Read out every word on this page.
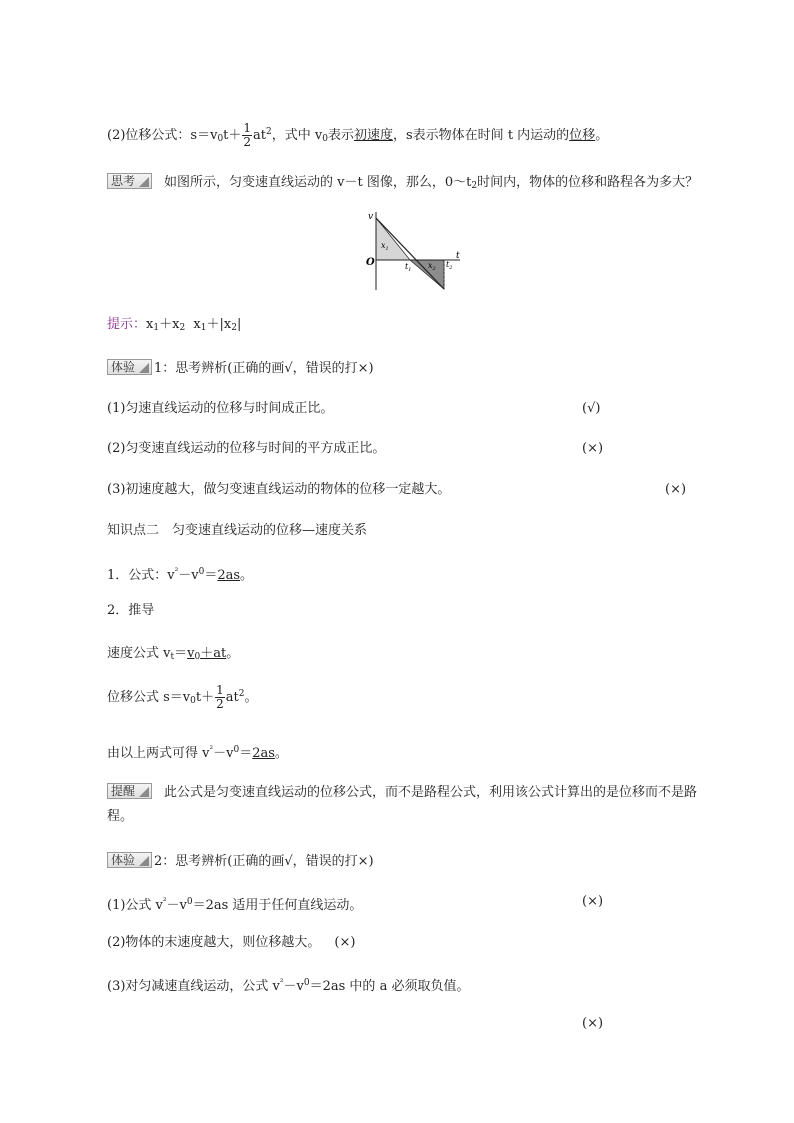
(2)位移公式：$s=v_0t+ \frac{1}{2} at^2$，式中 $v_0$表示初速度，s表示物体在时间 t 内运动的位移。
思考 如图所示，匀变速直线运动的 v－t 图像，那么，$0\sim t_2$时间内，物体的位移和路程各为多大？
v
t
O	$t_1$
$t_2$
$x_1$
$x_2$
提示：$x_1+x_2$  $x_1+|x_2|$
体验 1：思考辨析(正确的画√，错误的打×)
(1)匀速直线运动的位移与时间成正比。	(√)
(2)匀变速直线运动的位移与时间的平方成正比。	(×)
(3)初速度越大，做匀变速直线运动的物体的位移一定越大。	(×)
知识点二　匀变速直线运动的位移—速度关系
1．公式：$v^{^2}-v^0=2as$。
2．推导
速度公式 $v_t=v_0+at$。
位移公式 $s=v_0t+ \frac{1}{2} at^2$。
由以上两式可得 $v^{^2}-v^0=2as$。
提醒 此公式是匀变速直线运动的位移公式，而不是路程公式，利用该公式计算出的是位移而不是路程。
体验 2：思考辨析(正确的画√，错误的打×)
(1)公式 $v^{^2}-v^0=2as$ 适用于任何直线运动。	(×)
(2)物体的末速度越大，则位移越大。 (×)
(3)对匀减速直线运动，公式 $v^{^2}-v^0=2as$ 中的 a 必须取负值。
(×)
